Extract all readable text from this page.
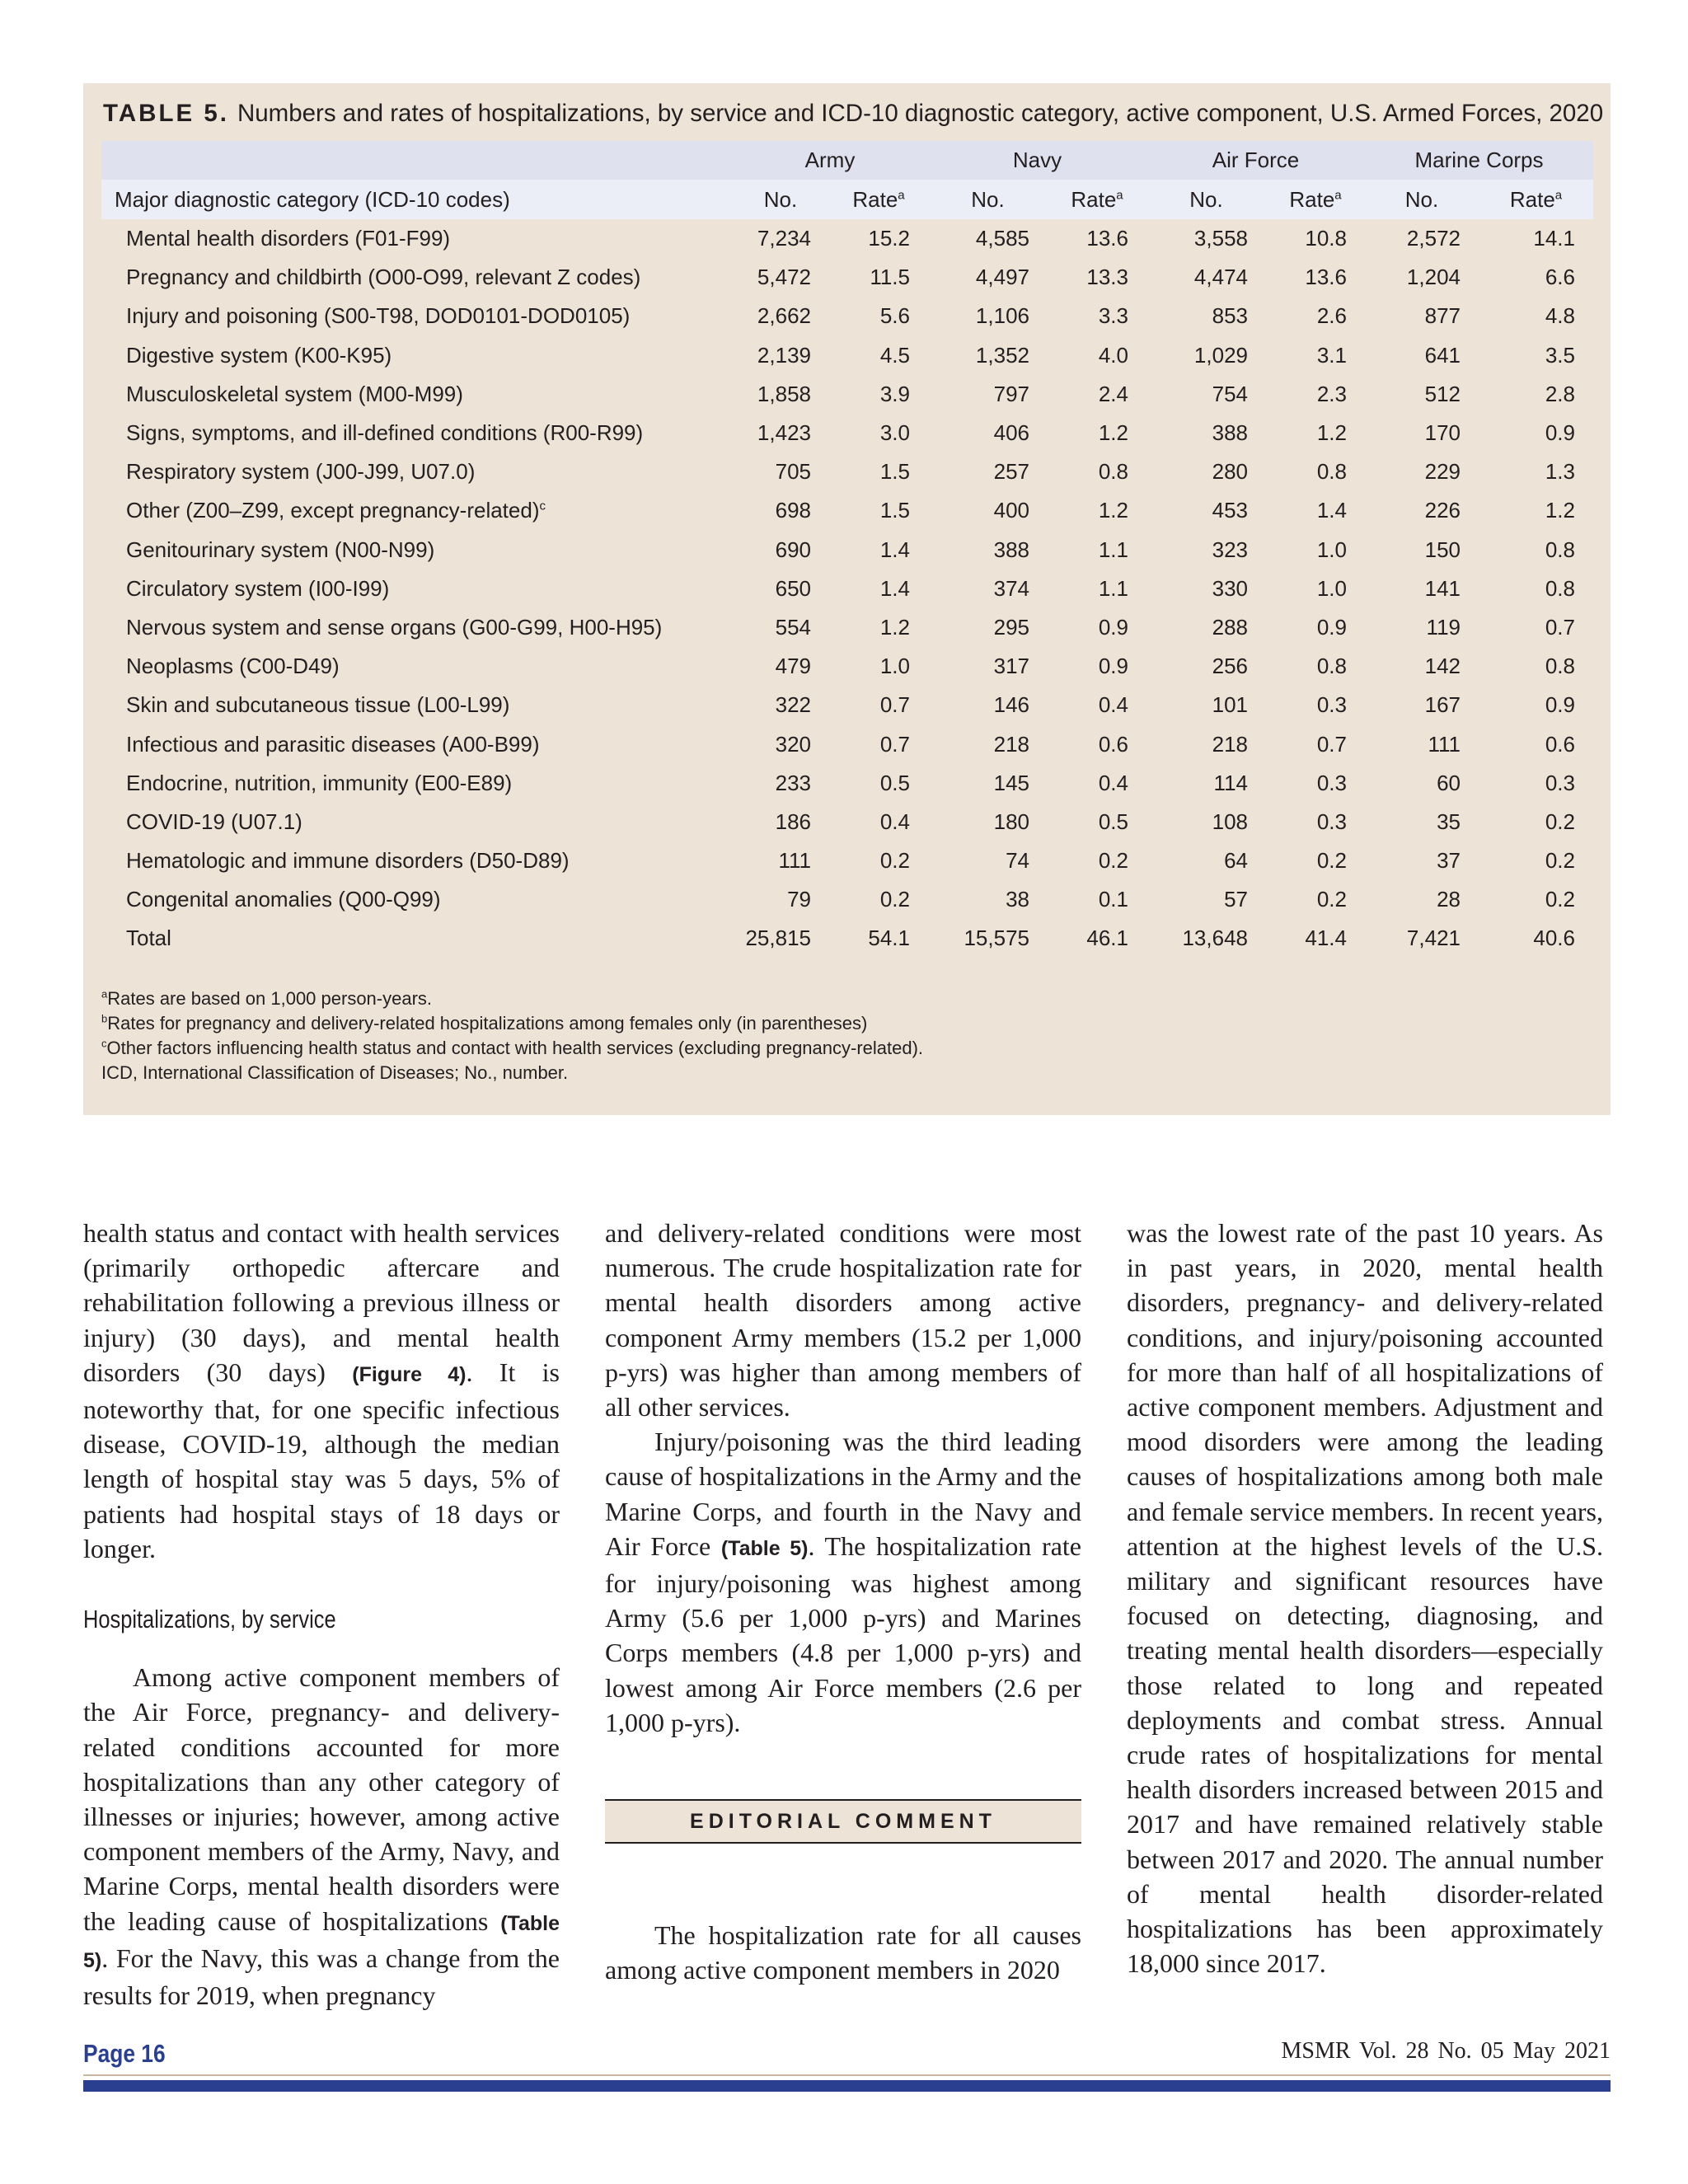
TABLE 5. Numbers and rates of hospitalizations, by service and ICD-10 diagnostic category, active component, U.S. Armed Forces, 2020
	Army		Navy		Air Force		Marine Corps	
Major diagnostic category (ICD-10 codes)	No.	Rate$^a$	No.	Rate$^a$	No.	Rate$^a$	No.	Rate$^a$
Mental health disorders (F01-F99)	7,234	15.2	4,585	13.6	3,558	10.8	2,572	14.1
Pregnancy and childbirth (O00-O99, relevant Z codes)	5,472	11.5	4,497	13.3	4,474	13.6	1,204	6.6
Injury and poisoning (S00-T98, DOD0101-DOD0105)	2,662	5.6	1,106	3.3	853	2.6	877	4.8
Digestive system (K00-K95)	2,139	4.5	1,352	4.0	1,029	3.1	641	3.5
Musculoskeletal system (M00-M99)	1,858	3.9	797	2.4	754	2.3	512	2.8
Signs, symptoms, and ill-defined conditions (R00-R99)	1,423	3.0	406	1.2	388	1.2	170	0.9
Respiratory system (J00-J99, U07.0)	705	1.5	257	0.8	280	0.8	229	1.3
Other (Z00–Z99, except pregnancy-related)$^c$	698	1.5	400	1.2	453	1.4	226	1.2
Genitourinary system (N00-N99)	690	1.4	388	1.1	323	1.0	150	0.8
Circulatory system (I00-I99)	650	1.4	374	1.1	330	1.0	141	0.8
Nervous system and sense organs (G00-G99, H00-H95)	554	1.2	295	0.9	288	0.9	119	0.7
Neoplasms (C00-D49)	479	1.0	317	0.9	256	0.8	142	0.8
Skin and subcutaneous tissue (L00-L99)	322	0.7	146	0.4	101	0.3	167	0.9
Infectious and parasitic diseases (A00-B99)	320	0.7	218	0.6	218	0.7	111	0.6
Endocrine, nutrition, immunity (E00-E89)	233	0.5	145	0.4	114	0.3	60	0.3
COVID-19 (U07.1)	186	0.4	180	0.5	108	0.3	35	0.2
Hematologic and immune disorders (D50-D89)	111	0.2	74	0.2	64	0.2	37	0.2
Congenital anomalies (Q00-Q99)	79	0.2	38	0.1	57	0.2	28	0.2
Total	25,815	54.1	15,575	46.1	13,648	41.4	7,421	40.6
$^a$Rates are based on 1,000 person-years.
$^b$Rates for pregnancy and delivery-related hospitalizations among females only (in parentheses)
$^c$Other factors influencing health status and contact with health services (excluding pregnancy-related).
ICD, International Classification of Diseases; No., number.

health status and contact with health services (primarily orthopedic aftercare and rehabilitation following a previous illness or injury) (30 days), and mental health disorders (30 days) (Figure 4). It is noteworthy that, for one specific infectious disease, COVID-19, although the median length of hospital stay was 5 days, 5% of patients had hospital stays of 18 days or longer.

Hospitalizations, by service

Among active component members of the Air Force, pregnancy- and delivery-related conditions accounted for more hospitalizations than any other category of illnesses or injuries; however, among active component members of the Army, Navy, and Marine Corps, mental health disorders were the leading cause of hospitalizations (Table 5). For the Navy, this was a change from the results for 2019, when pregnancy

and delivery-related conditions were most numerous. The crude hospitalization rate for mental health disorders among active component Army members (15.2 per 1,000 p-yrs) was higher than among members of all other services.

Injury/poisoning was the third leading cause of hospitalizations in the Army and the Marine Corps, and fourth in the Navy and Air Force (Table 5). The hospitalization rate for injury/poisoning was highest among Army (5.6 per 1,000 p-yrs) and Marines Corps members (4.8 per 1,000 p-yrs) and lowest among Air Force members (2.6 per 1,000 p-yrs).

EDITORIAL COMMENT

The hospitalization rate for all causes among active component members in 2020

was the lowest rate of the past 10 years. As in past years, in 2020, mental health disorders, pregnancy- and delivery-related conditions, and injury/poisoning accounted for more than half of all hospitalizations of active component members. Adjustment and mood disorders were among the leading causes of hospitalizations among both male and female service members. In recent years, attention at the highest levels of the U.S. military and significant resources have focused on detecting, diagnosing, and treating mental health disorders—especially those related to long and repeated deployments and combat stress. Annual crude rates of hospitalizations for mental health disorders increased between 2015 and 2017 and have remained relatively stable between 2017 and 2020. The annual number of mental health disorder-related hospitalizations has been approximately 18,000 since 2017.

Page 16	MSMR Vol. 28 No. 05 May 2021
